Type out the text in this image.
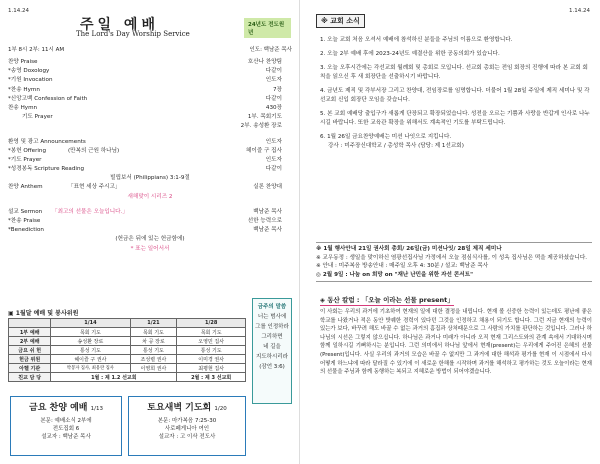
1.14.24
주일 예배
The Lord's Day Worship Service
24년도 전도원년
1부 8시 2부: 11시 AM	인도: 백남준 목사
찬양 Praise	호산나 찬양팀
*송영 Doxology	다같이
*기원 Invocation	인도자
*찬송 Hymn	7장
*신앙고백 Confession of Faith	다같이
찬송 Hymn	430장
기도 Prayer	1부. 목회기도
2부. 송성환 장로
환영 및 광고 Announcements	인도자
*봉헌 Offering	(만복의 근원 하나님)	헤이즐 구 집사
*기도 Prayer	인도자
*성경봉독 Scripture Reading	다같이
빌립보서 (Philippians) 3:1-9절
찬양 Anthem	「표현 세상 주시고」	실론 찬양대
새해맞이 시리즈 2
설교 Sermon 「최고의 선물은 오늘입니다.」	백남준 목사
*찬송 Praise	선한 능력으로
*Benediction	백남준 목사
(헌금은 뒤에 있는 헌금함에)
* 표는 일어서서
▣ 1월달 예배 및 봉사위원
	1/14	1/21	1/28
1부 예배	목회 기도	목회 기도	목회 기도
2부 예배	송성환 장로	차 공 장로	오영민 집사
금요 쉬 헌	통성 기도	통성 기도	통성 기도
헌금 위원	헤이즐 구 권사	조성렬 권사	이미경 권사
아헬 기관	박봉자 집사, 최용란 집사	이영희 권사	최평현 집사
친교 담 당	1월 : 제 1.2 선교회		2월 : 제 3 선교회
금요 찬양 예배 1/13
본문: 예배소식 2부에
전도집회 6
설교자 : 백남준 목사
토요새벽 기도회 1/20
본문: 마가복음 7:25-30
사로페게니아 여인
설교자 : 고 이삭 전도사
금주의 말씀
너는 범사에
그를 인정하라
그리하면
네 길을
지도하시리라
(잠언 3:6)
1.14.24
※ 교회 소식

1. 오늘 교회 처음 오셔서 예배에 참석하신 분들을 주님의 이름으로 환영합니다.

2. 오늘 2부 예배 후에 2023-24년도 예결산을 위한 공동의회가 있습니다.

3. 오늘 오후시간에는 각선교회 월례회 및 총회로 모입니다. 선교회 총회는 전임 회장의 진행에 따라 본 교회 회칙을 읽으신 후 새 회장단을 선출하시기 바랍니다.

4. 금년도 제직 및 각부서장 그리고 찬양대, 전임장로를 임명합니다. 더불어 1월 28일 주일에 제직 세미나 및 각 선교회 신입 회장단 모임을 갖습니다.

5. 본 교회 예배당 출입구가 새롭게 단장되고 확장되었습니다. 성전을 오르는 기쁨과 사랑을 반갑게 인사로 나누시길 바랍니다. 또한 교육관 확장을 위해서도 계속적인 기도를 부탁드립니다.

6. 1월 26일 금요찬양예배는 미션 나잇으로 지킵니다.

강사 : 미주장신대학교 / 총성학 목사 (담당: 제 1선교회)

※ 1월 행사안내 21일 권사회 총회/ 26일(금) 미션나잇/ 28일 제직 세미나
※ 교우동정 : 생일을 맞이하신 염광선집사님 가정에서 오늘 점심식사를, 이 성옥 집사님은 떡을 제공하셨습니다.
※ 안내 : 미주복음 방송안내 : 매주일 오후 4: 30분 / 설교: 백남준 목사
◎ 2월 9일 : 나눔 on 희망 on "재난 난민을 위한 자선 콘서트"
◈ 동산 칼럼 : 「오늘 이라는 선물 present」
이 사회는 우리의 과거에 기초하여 현재의 일에 대한 결정을 내립니다. 현재 볼 신중한 능력이 있는데도 평난에 좋은 학교를 나왔거나 적은 동안 밧퀘한 경력이 있다던 그것을 인정하고 채용이 되기도 합니다. 그런 지금 현재의 능력이 있는가 보다, 바꾸려 해도 바꿀 수 없는 과거의 흠집과 상처때문으로 그 사람의 가치를 판단하는 것입니다. 그러나 하나님의 시선은 그렇지 않으십니다. 하나님은 과거나 미래가 아니라 오직 현재 그리스도와의 관계 속에서 기대하시며 함께 일하시길 기뻐하시는 분입니다. 그런 의미에서 하나님 앞에서 현재(present)는 우리에게 주어진 은혜의 선물(Present)입니다. 사실 우리의 과거의 모습은 바꿀 수 없지만 그 과거에 대한 해석과 평가를 현재 이 시점에서 다시 어떻게 하느냐에 따라 달라질 수 있기에 이 새로운 한해를 시작하며 과거를 해석하고 평가하는 것도 오늘이라는 현재의 선물을 주님과 함께 동행하는 복되고 지혜로운 방법이 되어야겠습니다.
